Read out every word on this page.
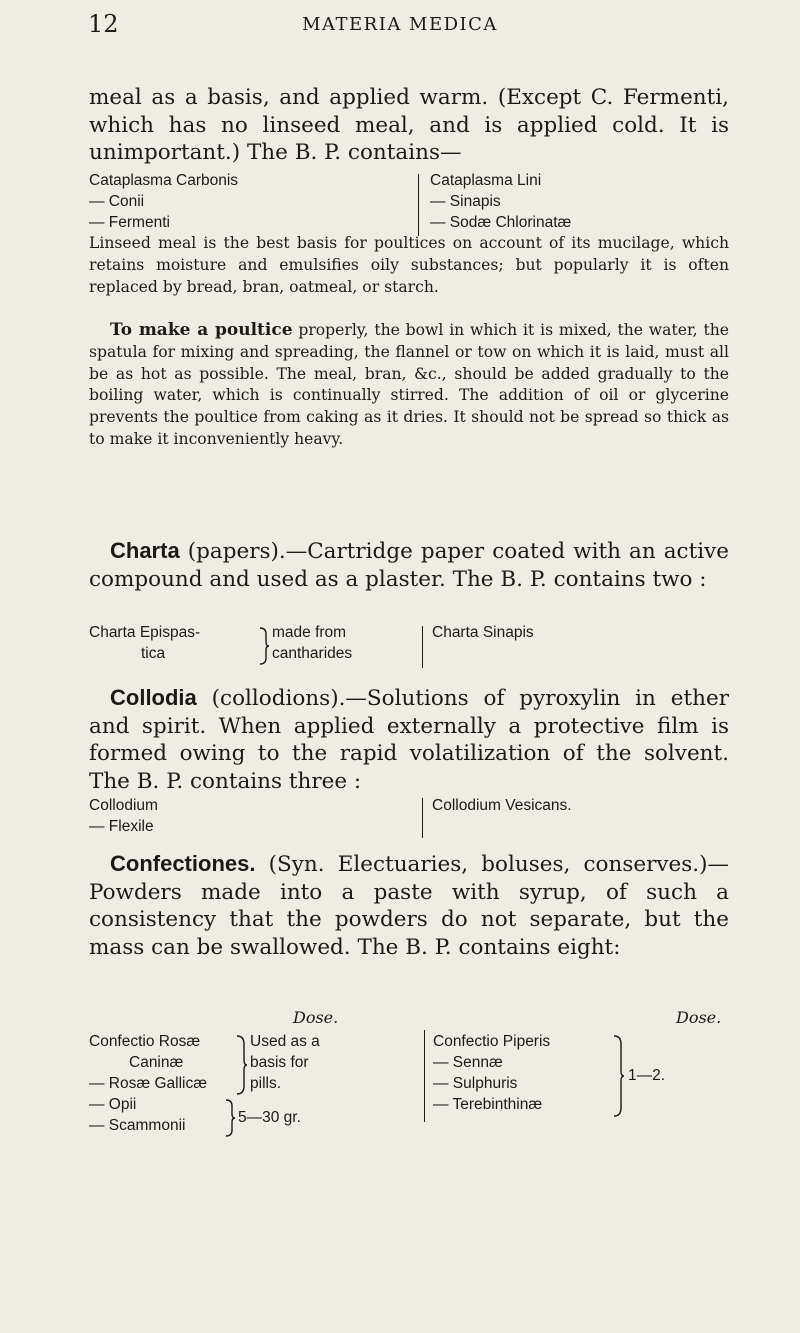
12	MATERIA MEDICA
meal as a basis, and applied warm. (Except C. Fermenti, which has no linseed meal, and is applied cold. It is unimportant.) The B. P. contains—
Cataplasma Carbonis
— Conii
— Fermenti
Cataplasma Lini
— Sinapis
— Sodæ Chlorinatæ
Linseed meal is the best basis for poultices on account of its mucilage, which retains moisture and emulsifies oily substances; but popularly it is often replaced by bread, bran, oatmeal, or starch.
To make a poultice properly, the bowl in which it is mixed, the water, the spatula for mixing and spreading, the flannel or tow on which it is laid, must all be as hot as possible. The meal, bran, &c., should be added gradually to the boiling water, which is continually stirred. The addition of oil or glycerine prevents the poultice from caking as it dries. It should not be spread so thick as to make it inconveniently heavy.
Charta (papers).—Cartridge paper coated with an active compound and used as a plaster. The B. P. contains two :
Charta Epispas-
tica
made from
cantharides
Charta Sinapis
Collodia (collodions).—Solutions of pyroxylin in ether and spirit. When applied externally a protective film is formed owing to the rapid volatilization of the solvent. The B. P. contains three :
Collodium
— Flexile
Collodium Vesicans.
Confectiones. (Syn. Electuaries, boluses, conserves.)—Powders made into a paste with syrup, of such a consistency that the powders do not separate, but the mass can be swallowed. The B. P. contains eight:
Dose.	Dose.
Confectio Rosæ
Caninæ
— Rosæ Gallicæ
— Opii
— Scammonii
Used as a
basis for
pills.
5—30 gr.
Confectio Piperis
— Sennæ
— Sulphuris
— Terebinthinæ
1—2.
